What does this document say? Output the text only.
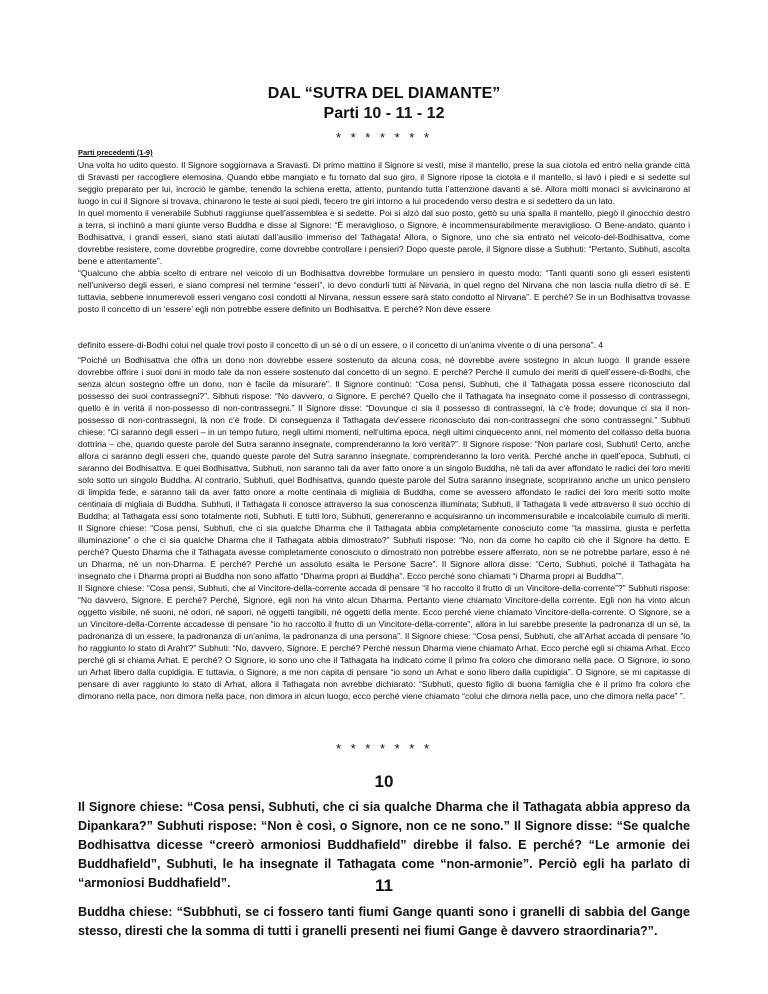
DAL “SUTRA DEL DIAMANTE”
Parti 10 - 11 - 12
* * * * * * *
Parti precedenti (1-9)

Una volta ho udito questo. Il Signore soggiornava a Sravasti. Di primo mattino il Signore si vestì, mise il mantello, prese la sua ciotola ed entrò nella grande città di Sravasti per raccogliere elemosina. Quando ebbe mangiato e fu tornato dal suo giro, il Signore ripose la ciotola e il mantello, si lavò i piedi e si sedette sul seggio preparato per lui, incrociò le gambe, tenendo la schiena eretta, attento, puntando tutta l’attenzione davanti a sé. Allora molti monaci si avvicinarono al luogo in cui il Signore si trovava, chinarono le teste ai suoi piedi, fecero tre giri intorno a lui procedendo verso destra e si sedettero da un lato.

In quel momento il venerabile Subhuti raggiunse quell’assemblea e si sedette. Poi si alzò dal suo posto, gettò su una spalla il mantello, piegò il ginocchio destro a terra, si inchinò a mani giunte verso Buddha e disse al Signore: “È meraviglioso, o Signore, è incommensurabilmente meraviglioso. O Bene-andato, quanto i Bodhisattva, i grandi esseri, siano stati aiutati dall’ausilio immenso del Tathagata! Allora, o Signore, uno che sia entrato nel veicolo-del-Bodhisattva, come dovrebbe resistere, come dovrebbe progredire, come dovrebbe controllare i pensieri? Dopo queste parole, il Signore disse a Subhuti: “Pertanto, Subhuti, ascolta bene e attentamente”.

“Qualcuno che abbia scelto di entrare nel veicolo di un Bodhisattva dovrebbe formulare un pensiero in questo modo: “Tanti quanti sono gli esseri esistenti nell’universo degli esseri, e siano compresi nel termine “esseri”, io devo condurli tutti al Nirvana, in quel regno del Nirvana che non lascia nulla dietro di sé. E tuttavia, sebbene innumerevoli esseri vengano così condotti al Nirvana, nessun essere sarà stato condotto al Nirvana”. E perché? Se in un Bodhisattva trovasse posto il concetto di un ‘essere’ egli non potrebbe essere definito un Bodhisattva. E perché? Non deve essere

definito essere-di-Bodhi colui nel quale trovi posto il concetto di un sé o di un essere, o il concetto di un’anima vivente o di una persona”. 4

“Poiché un Bodhisattva che offra un dono non dovrebbe essere sostenuto da alcuna cosa, né dovrebbe avere sostegno in alcun luogo. Il grande essere dovrebbe offrire i suoi doni in modo tale da non essere sostenuto dal concetto di un segno. E perché? Perché il cumulo dei meriti di quell’essere-di-Bodhi, che senza alcun sostegno offre un dono, non è facile da misurare”. Il Signore continuò: “Cosa pensi, Subhuti, che il Tathagata possa essere riconosciuto dal possesso dei suoi contrassegni?”. Sibhuti rispose: “No davvero, o Signore. E perché? Quello che il Tathagata ha insegnato come il possesso di contrassegni, quello è in verità il non-possesso di non-contrassegni.” Il Signore disse: “Dovunque ci sia il possesso di contrassegni, là c’è frode; dovunque ci sia il non-possesso di non-contrassegni, là non c’è frode. Di conseguenza il Tathagata dev’essere riconosciuto dai non-contrassegni che sono contrassegni.” Subhuti chiese: “Ci saranno degli esseri – in un tempo futuro, negli ultimi momenti, nell’ultima epoca, negli ultimi cinquecento anni, nel momento del collasso della buona dottrina – che, quando queste parole del Sutra saranno insegnate, comprenderanno la loro verità?”. Il Signore rispose: “Non parlare così, Subhuti! Certo, anche allora ci saranno degli esseri che, quando queste parole del Sutra saranno insegnate, comprenderanno la loro verità. Perché anche in quell’epoca, Subhuti, ci saranno dei Bodhisattva. E quei Bodhisattva, Subhuti, non saranno tali da aver fatto onore a un singolo Buddha, né tali da aver affondato le radici dei loro meriti solo sotto un singolo Buddha. Al contrario, Subhuti, quei Bodhisattva, quando queste parole del Sutra saranno insegnate, scopriranno anche un unico pensiero di limpida fede, e saranno tali da aver fatto onore a molte centinaia di migliaia di Buddha, come se avessero affondato le radici dei loro meriti sotto molte centinaia di migliaia di Buddha. Subhuti, il Tathagata li conosce attraverso la sua conoscenza illuminata; Subhuti, il Tathagata li vede attraverso il suo occhio di Buddha; al Tathagata essi sono totalmente noti, Subhuti. E tutti loro, Subhuti, genereranno e acquisiranno un incommensurabile e incalcolabile cumulo di meriti. Il Signore chiese: “Cosa pensi, Subhuti, che ci sia qualche Dharma che il Tathagata abbia completamente conosciuto come “la massima, giusta e perfetta illuminazione” o che ci sia qualche Dharma che il Tathagata abbia dimostrato?” Subhuti rispose: “No, non da come ho capito ciò che il Signore ha detto. E perché? Questo Dharma che il Tathagata avesse completamente conosciuto o dimostrato non potrebbe essere afferrato, non se ne potrebbe parlare, esso è né un Dharma, né un non-Dharma. E perché? Perché un assoluto esalta le Persone Sacre”. Il Signore allora disse: “Certo, Subhuti, poiché il Tathagata ha insegnato che i Dharma propri ai Buddha non sono affatto “Dharma propri ai Buddha”. Ecco perché sono chiamati “i Dharma propri ai Buddha””.

Il Signore chiese: “Cosa pensi, Subhuti, che al Vincitore-della-corrente accada di pensare “il ho raccolto il frutto di un Vincitore-della-corrente”?” Subhuti rispose: “No davvero, Signore. E perché? Perché, Signore, egli non ha vinto alcun Dharma. Pertanto viene chiamato Vincitore-della corrente. Egli non ha vinto alcun oggetto visibile, né suoni, né odori, né sapori, né oggetti tangibili, né oggetti della mente. Ecco perché viene chiamato Vincitore-della-corrente. O Signore, se a un Vincitore-della-Corrente accadesse di pensare “io ho raccolto il frutto di un Vincitore-della-corrente”, allora in lui sarebbe presente la padronanza di un sé, la padronanza di un essere, la padronanza di un’anima, la padronanza di una persona”. Il Signore chiese: “Cosa pensi, Subhuti, che all’Arhat accada di pensare “io ho raggiunto lo stato di Arahť?” Subhuti: “No, davvero, Signore. E perché? Perché nessun Dharma viene chiamato Arhat. Ecco perché egli si chiama Arhat. Ecco perché gli si chiama Arhat. E perché? O Signore, io sono uno che il Tathagata ha indicato come il primo fra coloro che dimorano nella pace. O Signore, io sono un Arhat libero dalla cupidigia. E tuttavia, o Signore, a me non capita di pensare “io sono un Arhat e sono libero dalla cupidigia”. O Signore, se mi capitasse di pensare di aver raggiunto lo stato di Arhat, allora il Tathagata non avrebbe dichiarato: “Subhuti, questo figlio di buona famiglia che è il primo fra coloro che dimorano nella pace, non dimora nella pace, non dimora in alcun luogo, ecco perché viene chiamato “colui che dimora nella pace, uno che dimora nella pace” ”.

* * * * * * *
10
Il Signore chiese: “Cosa pensi, Subhuti, che ci sia qualche Dharma che il Tathagata abbia appreso da Dipankara?” Subhuti rispose: “Non è così, o Signore, non ce ne sono.” Il Signore disse: “Se qualche Bodhisattva dicesse “creerò armoniosi Buddhafield” direbbe il falso. E perché? “Le armonie dei Buddhafield”, Subhuti, le ha insegnate il Tathagata come “non-armonie”. Perciò egli ha parlato di “armoniosi Buddhafield”.	11
Buddha chiese: “Subbhuti, se ci fossero tanti fiumi Gange quanti sono i granelli di sabbia del Gange stesso, diresti che la somma di tutti i granelli presenti nei fiumi Gange è davvero straordinaria?”.
